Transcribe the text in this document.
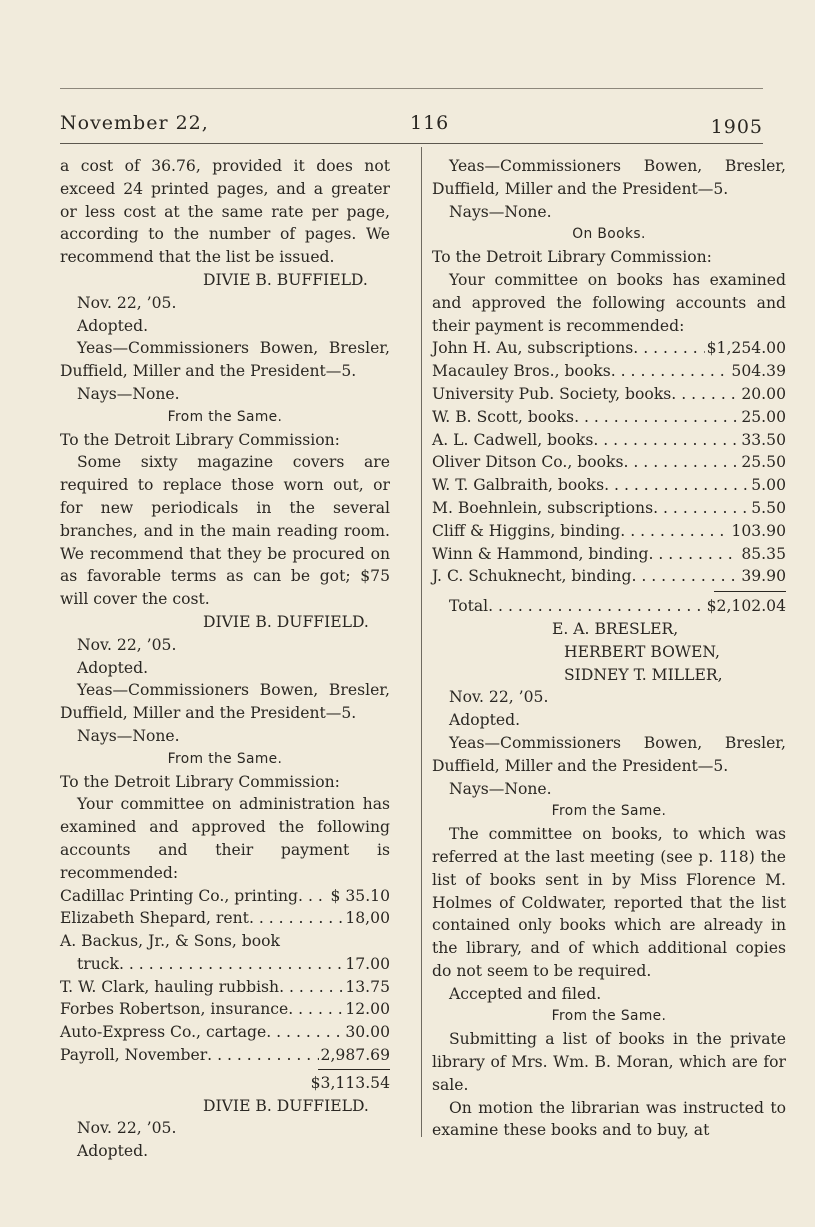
November 22,	116	1905

a cost of 36.76, provided it does not exceed 24 printed pages, and a greater or less cost at the same rate per page, according to the number of pages. We recommend that the list be issued.

DIVIE B. BUFFIELD.

Nov. 22, ’05.

Adopted.

Yeas—Commissioners Bowen, Bresler, Duffield, Miller and the President—5.

Nays—None.

From the Same.

To the Detroit Library Commission:

Some sixty magazine covers are required to replace those worn out, or for new periodicals in the several branches, and in the main reading room. We recommend that they be procured on as favorable terms as can be got; $75 will cover the cost.

DIVIE B. DUFFIELD.

Nov. 22, ’05.

Adopted.

Yeas—Commissioners Bowen, Bresler, Duffield, Miller and the President—5.

Nays—None.

From the Same.

To the Detroit Library Commission:

Your committee on administration has examined and approved the following accounts and their payment is recommended:

Cadillac Printing Co., printing . . . $ 35.10
Elizabeth Shepard, rent . . .	18,00
A. Backus, Jr., & Sons, book
truck . . .	17.00
T. W. Clark, hauling rubbish . . .	13.75
Forbes Robertson, insurance . . .	12.00
Auto-Express Co., cartage . . .	30.00
Payroll, November . . .	2,987.69

$3,113.54

DIVIE B. DUFFIELD.

Nov. 22, ’05.

Adopted.

Yeas—Commissioners Bowen, Bresler, Duffield, Miller and the President—5.

Nays—None.

On Books.

To the Detroit Library Commission:

Your committee on books has examined and approved the following accounts and their payment is recommended:

John H. Au, subscriptions . . .	$1,254.00
Macauley Bros., books . . .	504.39
University Pub. Society, books . . .	20.00
W. B. Scott, books . . .	25.00
A. L. Cadwell, books . . .	33.50
Oliver Ditson Co., books . . .	25.50
W. T. Galbraith, books . . .	5.00
M. Boehnlein, subscriptions . . .	5.50
Cliff & Higgins, binding . . .	103.90
Winn & Hammond, binding . . .	85.35
J. C. Schuknecht, binding . . .	39.90
Total . . .	$2,102.04

E. A. BRESLER,

HERBERT BOWEN,

SIDNEY T. MILLER,

Nov. 22, ’05.

Adopted.

Yeas—Commissioners Bowen, Bresler, Duffield, Miller and the President—5.

Nays—None.

From the Same.

The committee on books, to which was referred at the last meeting (see p. 118) the list of books sent in by Miss Florence M. Holmes of Coldwater, reported that the list contained only books which are already in the library, and of which additional copies do not seem to be required.

Accepted and filed.

From the Same.

Submitting a list of books in the private library of Mrs. Wm. B. Moran, which are for sale.

On motion the librarian was instructed to examine these books and to buy, at
